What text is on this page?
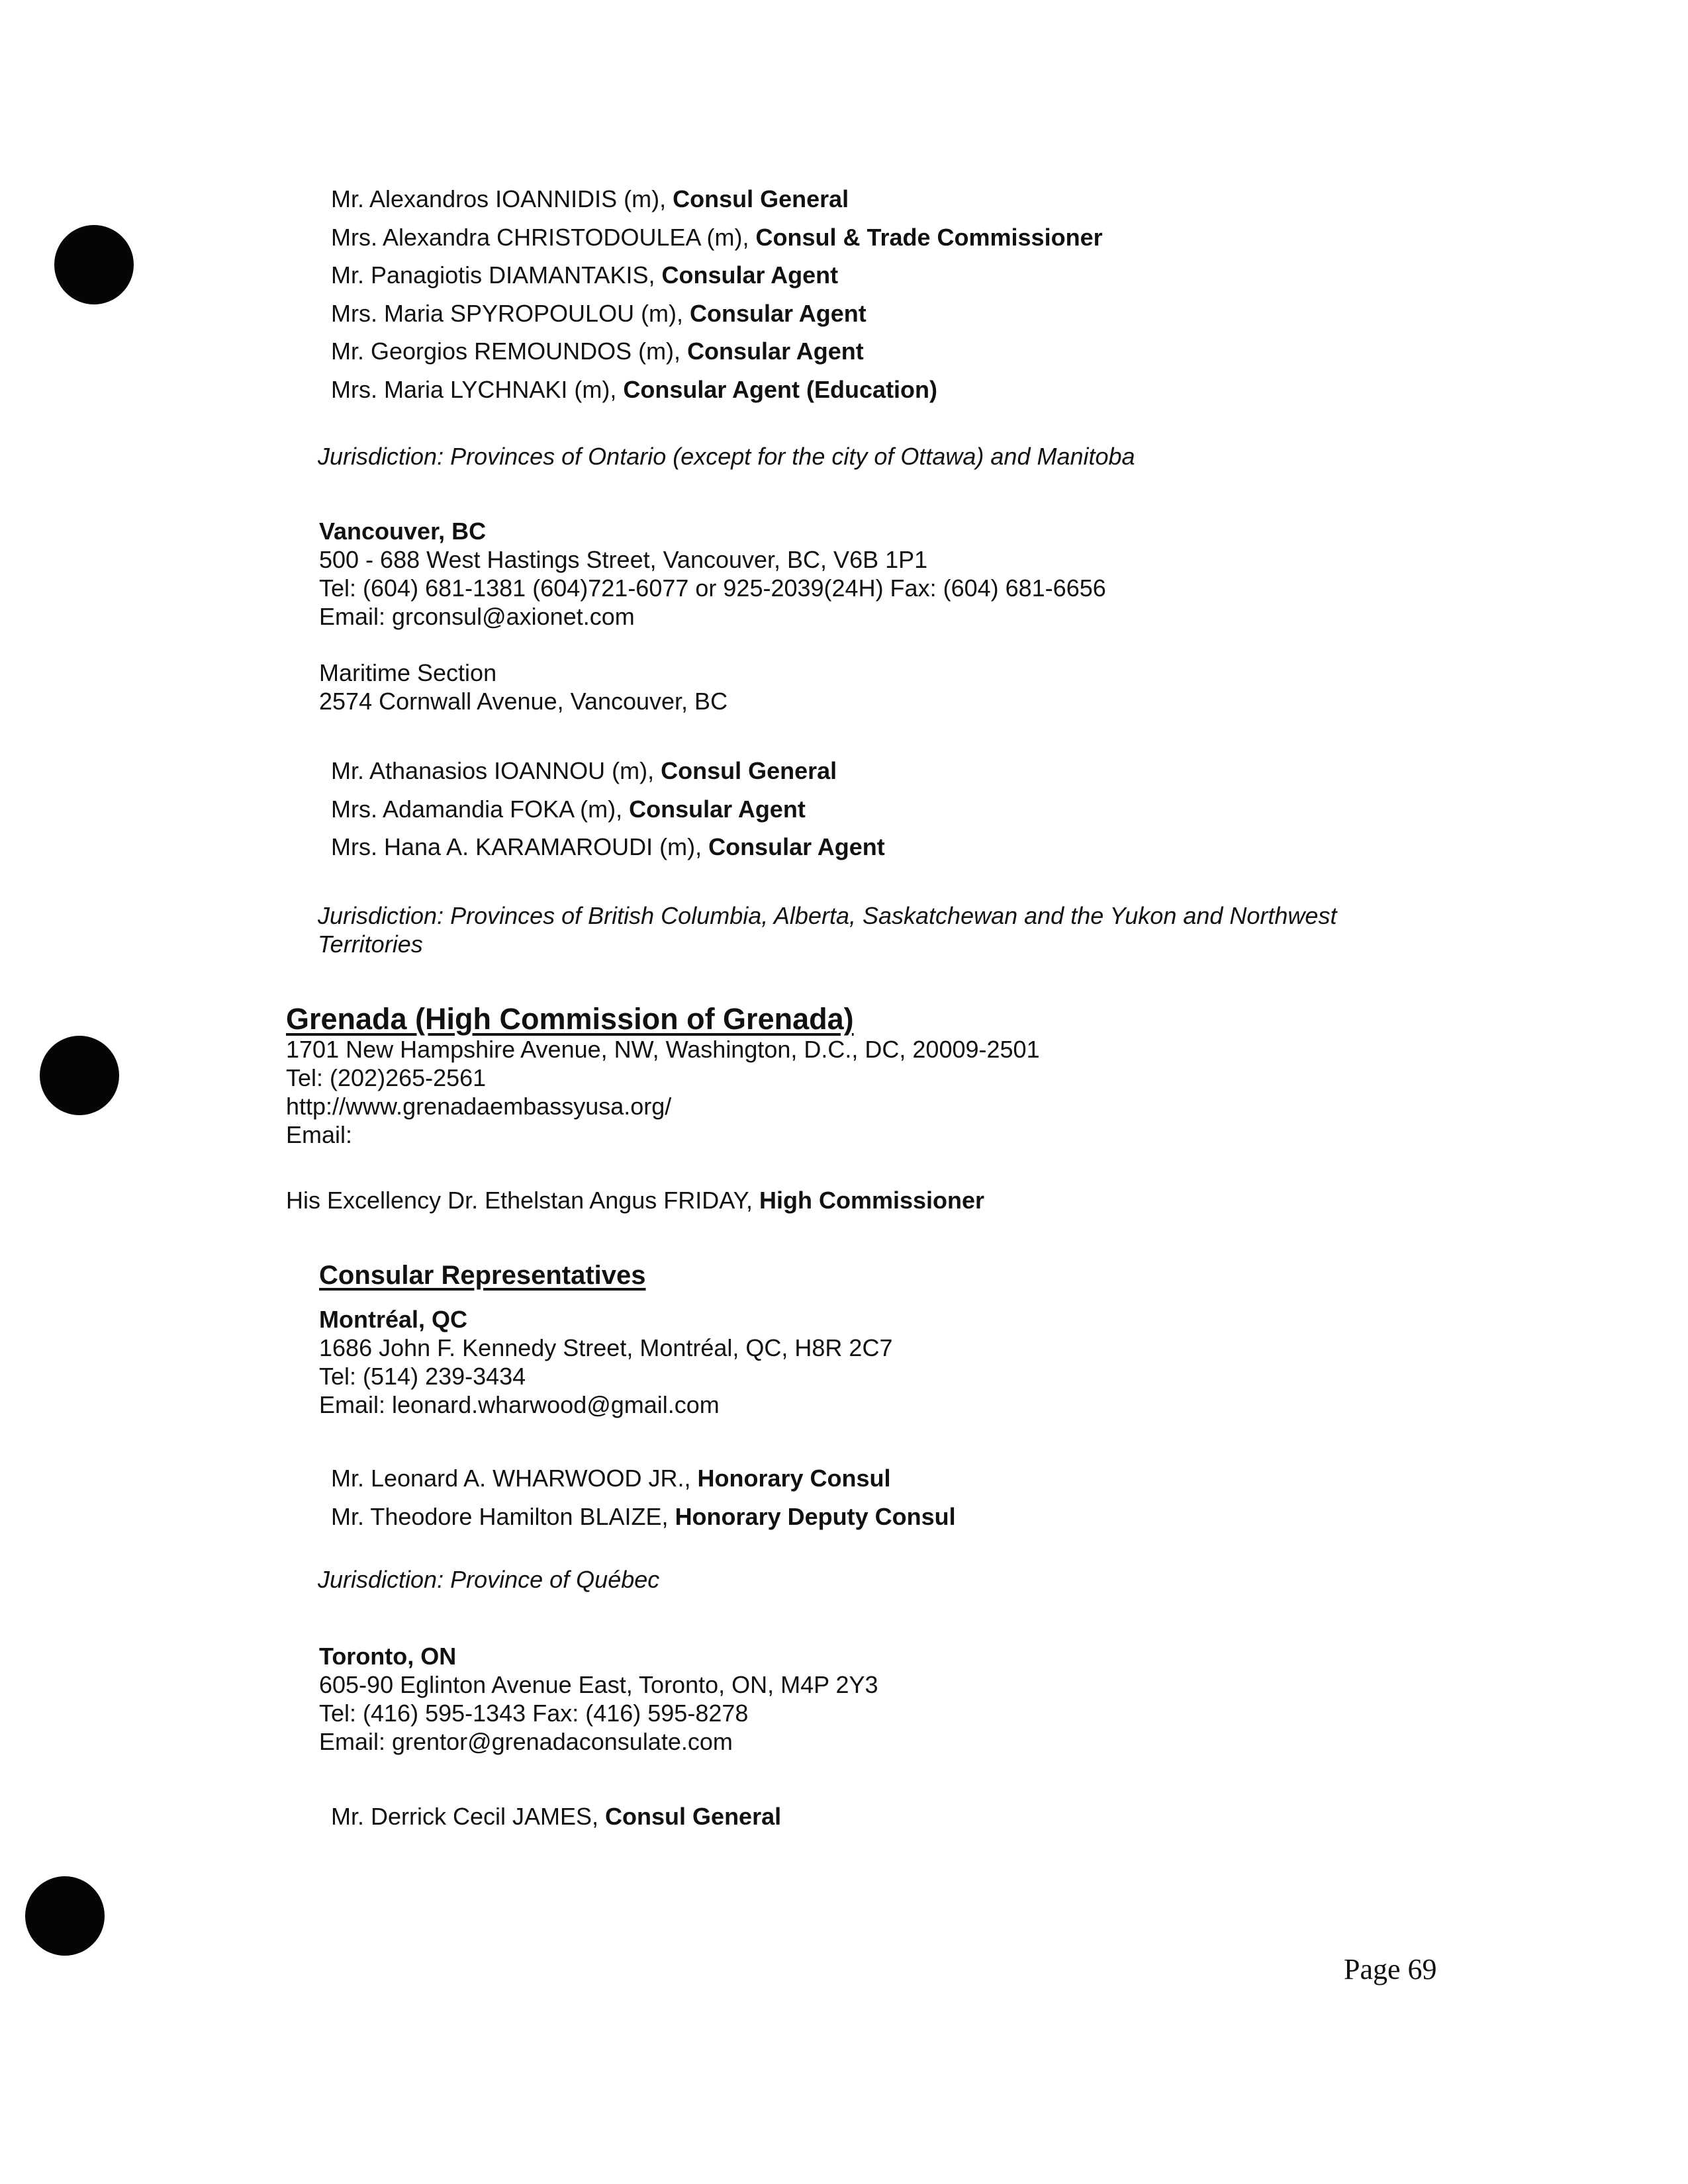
Mr. Alexandros IOANNIDIS (m), Consul General
Mrs. Alexandra CHRISTODOULEA (m), Consul & Trade Commissioner
Mr. Panagiotis DIAMANTAKIS, Consular Agent
Mrs. Maria SPYROPOULOU (m), Consular Agent
Mr. Georgios REMOUNDOS (m), Consular Agent
Mrs. Maria LYCHNAKI (m), Consular Agent (Education)
Jurisdiction: Provinces of Ontario (except for the city of Ottawa) and Manitoba
Vancouver, BC
500 - 688 West Hastings Street, Vancouver, BC, V6B 1P1
Tel: (604) 681-1381 (604)721-6077 or 925-2039(24H) Fax: (604) 681-6656
Email: grconsul@axionet.com
Maritime Section
2574 Cornwall Avenue, Vancouver, BC
Mr. Athanasios IOANNOU (m), Consul General
Mrs. Adamandia FOKA (m), Consular Agent
Mrs. Hana A. KARAMAROUDI (m), Consular Agent
Jurisdiction: Provinces of British Columbia, Alberta, Saskatchewan and the Yukon and Northwest
Territories
Grenada (High Commission of Grenada)
1701 New Hampshire Avenue, NW, Washington, D.C., DC, 20009-2501
Tel: (202)265-2561
http://www.grenadaembassyusa.org/
Email:
His Excellency Dr. Ethelstan Angus FRIDAY, High Commissioner
Consular Representatives
Montréal, QC
1686 John F. Kennedy Street, Montréal, QC, H8R 2C7
Tel: (514) 239-3434
Email: leonard.wharwood@gmail.com
Mr. Leonard A. WHARWOOD JR., Honorary Consul
Mr. Theodore Hamilton BLAIZE, Honorary Deputy Consul
Jurisdiction: Province of Québec
Toronto, ON
605-90 Eglinton Avenue East, Toronto, ON, M4P 2Y3
Tel: (416) 595-1343 Fax: (416) 595-8278
Email: grentor@grenadaconsulate.com
Mr. Derrick Cecil JAMES, Consul General
Page 69
